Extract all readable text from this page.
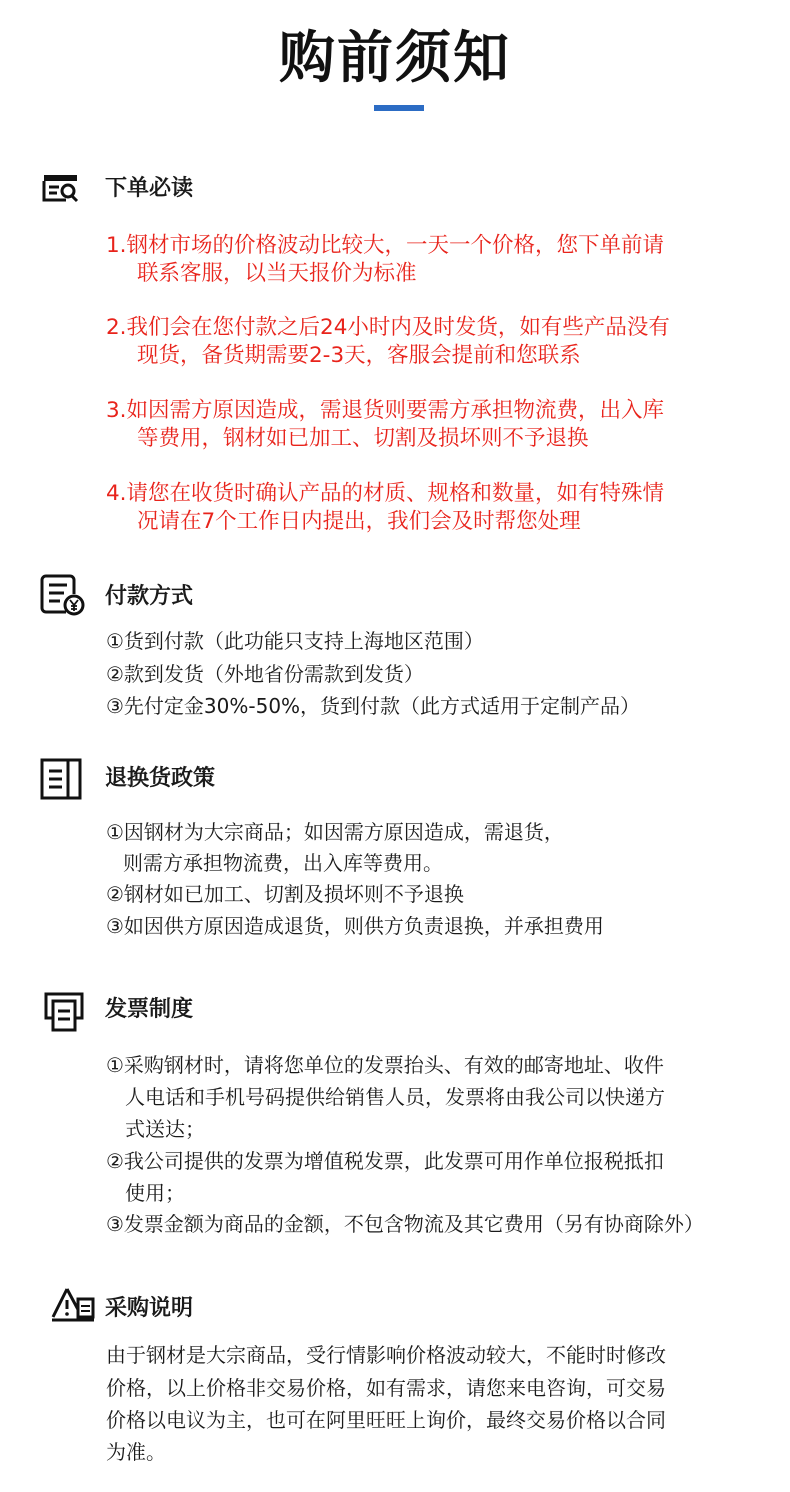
购前须知
下单必读
1.钢材市场的价格波动比较大，一天一个价格，您下单前请
联系客服，以当天报价为标准
2.我们会在您付款之后24小时内及时发货，如有些产品没有
现货，备货期需要2-3天，客服会提前和您联系
3.如因需方原因造成，需退货则要需方承担物流费，出入库
等费用，钢材如已加工、切割及损坏则不予退换
4.请您在收货时确认产品的材质、规格和数量，如有特殊情
况请在7个工作日内提出，我们会及时帮您处理
付款方式
①货到付款（此功能只支持上海地区范围）
②款到发货（外地省份需款到发货）
③先付定金30%-50%，货到付款（此方式适用于定制产品）
退换货政策
①因钢材为大宗商品；如因需方原因造成，需退货，
则需方承担物流费，出入库等费用。
②钢材如已加工、切割及损坏则不予退换
③如因供方原因造成退货，则供方负责退换，并承担费用
发票制度
①采购钢材时，请将您单位的发票抬头、有效的邮寄地址、收件
人电话和手机号码提供给销售人员，发票将由我公司以快递方
式送达；
②我公司提供的发票为增值税发票，此发票可用作单位报税抵扣
使用；
③发票金额为商品的金额，不包含物流及其它费用（另有协商除外）
采购说明
由于钢材是大宗商品，受行情影响价格波动较大，不能时时修改
价格，以上价格非交易价格，如有需求，请您来电咨询，可交易
价格以电议为主，也可在阿里旺旺上询价，最终交易价格以合同
为准。
